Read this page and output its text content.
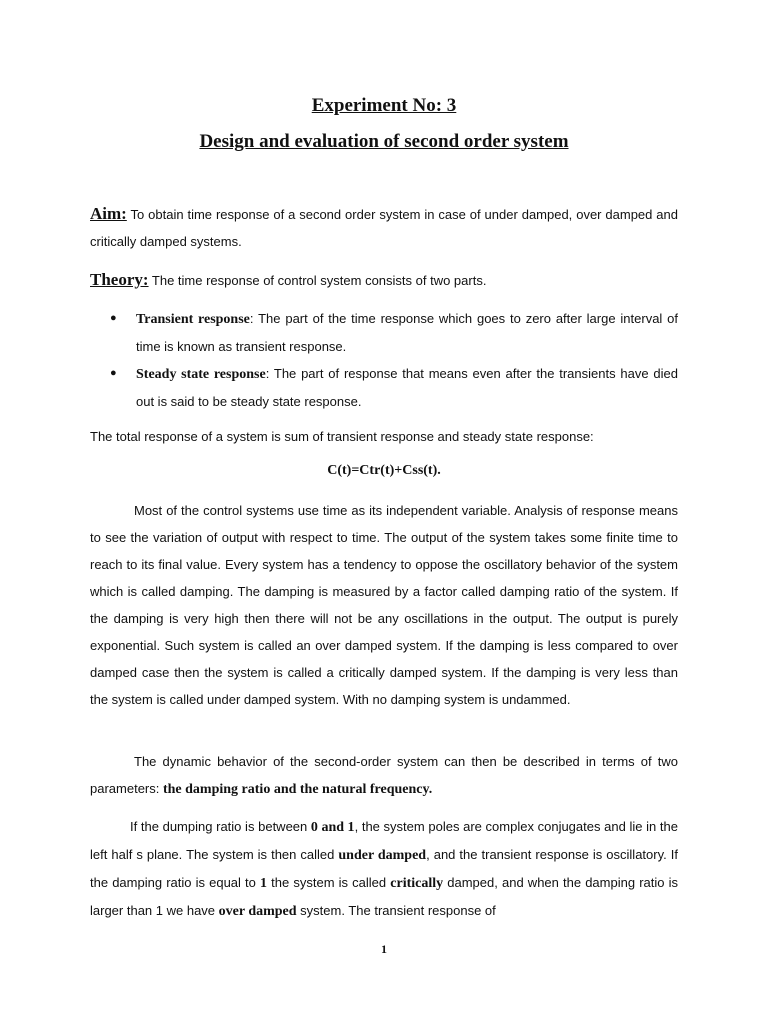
Experiment No: 3
Design and evaluation of second order system
Aim: To obtain time response of a second order system in case of under damped, over damped and critically damped systems.
Theory: The time response of control system consists of two parts.
● Transient response: The part of the time response which goes to zero after large interval of time is known as transient response.
● Steady state response: The part of response that means even after the transients have died out is said to be steady state response.
The total response of a system is sum of transient response and steady state response:
C(t)=Ctr(t)+Css(t).

Most of the control systems use time as its independent variable. Analysis of response means to see the variation of output with respect to time. The output of the system takes some finite time to reach to its final value. Every system has a tendency to oppose the oscillatory behavior of the system which is called damping. The damping is measured by a factor called damping ratio of the system. If the damping is very high then there will not be any oscillations in the output. The output is purely exponential. Such system is called an over damped system. If the damping is less compared to over damped case then the system is called a critically damped system. If the damping is very less than the system is called under damped system. With no damping system is undammed.

The dynamic behavior of the second-order system can then be described in terms of two parameters: the damping ratio and the natural frequency.

If the dumping ratio is between 0 and 1, the system poles are complex conjugates and lie in the left half s plane. The system is then called under damped, and the transient response is oscillatory. If the damping ratio is equal to 1 the system is called critically damped, and when the damping ratio is larger than 1 we have over damped system. The transient response of

1
